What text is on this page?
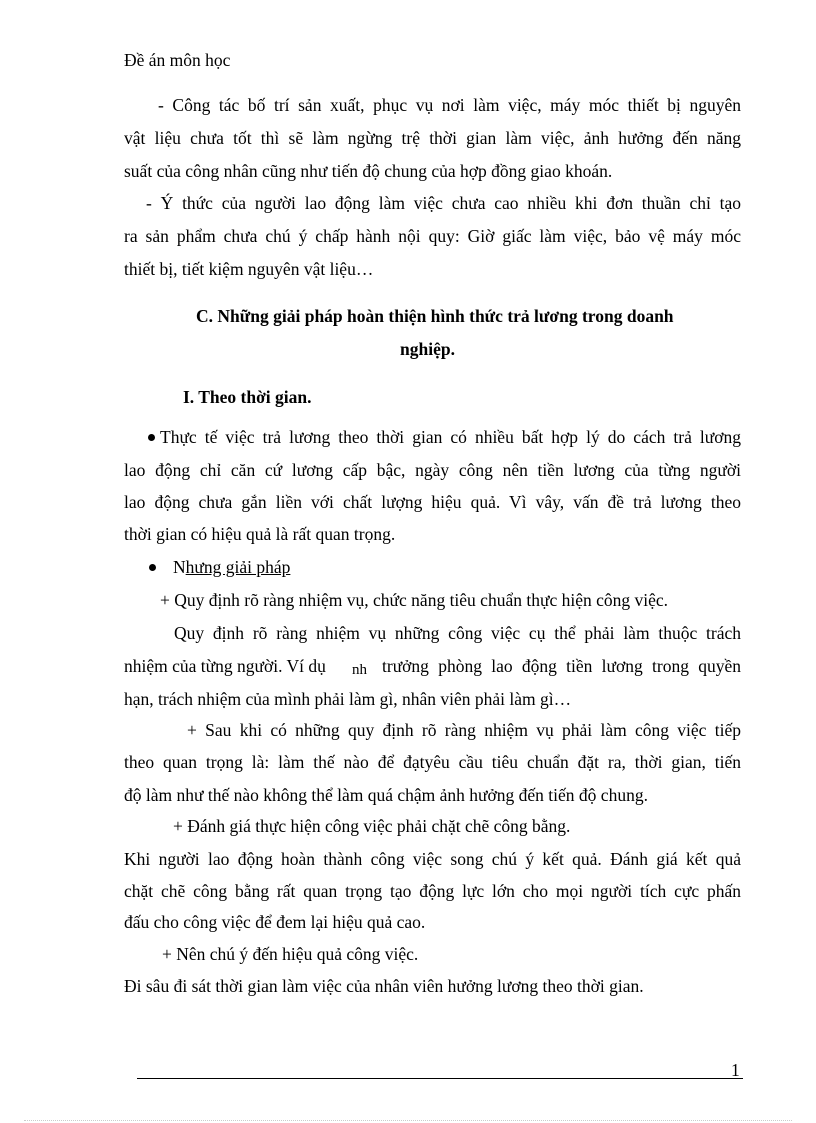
Đề án môn học
- Công tác bố trí sản xuất, phục vụ nơi làm việc, máy móc thiết bị nguyên
vật liệu chưa tốt thì sẽ làm ngừng trệ thời gian làm việc, ảnh hưởng đến năng
suất của công nhân cũng như tiến độ chung của hợp đồng giao khoán.
- Ý thức của người lao động làm việc chưa cao nhiều khi đơn thuần chỉ tạo
ra sản phẩm chưa chú ý chấp hành nội quy: Giờ giấc làm việc, bảo vệ máy móc
thiết bị, tiết kiệm nguyên vật liệu…
C. Những giải pháp hoàn thiện hình thức trả lương trong doanh
nghiệp.
I. Theo thời gian.
Thực tế việc trả lương theo thời gian có nhiều bất hợp lý do cách trả lương
lao động chỉ căn cứ lương cấp bậc, ngày công nên tiền lương của từng người
lao động chưa gắn liền với chất lượng hiệu quả. Vì vây, vấn đề trả lương theo
thời gian có hiệu quả là rất quan trọng.
Nhưng giải pháp
+ Quy định rõ ràng nhiệm vụ, chức năng tiêu chuẩn thực hiện công việc.
Quy định rõ ràng nhiệm vụ những công việc cụ thể phải làm thuộc trách
nhiệm của từng người. Ví dụ nh trưởng phòng lao động tiền lương trong quyền
hạn, trách nhiệm của mình phải làm gì, nhân viên phải làm gì…
+ Sau khi có những quy định rõ ràng nhiệm vụ phải làm công việc tiếp
theo quan trọng là: làm thế nào để đạtyêu cầu tiêu chuẩn đặt ra, thời gian, tiến
độ làm như thế nào không thể làm quá chậm ảnh hưởng đến tiến độ chung.
+ Đánh giá thực hiện công việc phải chặt chẽ công bằng.
Khi người lao động hoàn thành công việc song chú ý kết quả. Đánh giá kết quả
chặt chẽ công bằng rất quan trọng tạo động lực lớn cho mọi người tích cực phấn
đấu cho công việc để đem lại hiệu quả cao.
+ Nên chú ý đến hiệu quả công việc.
Đi sâu đi sát thời gian làm việc của nhân viên hưởng lương theo thời gian.
1
